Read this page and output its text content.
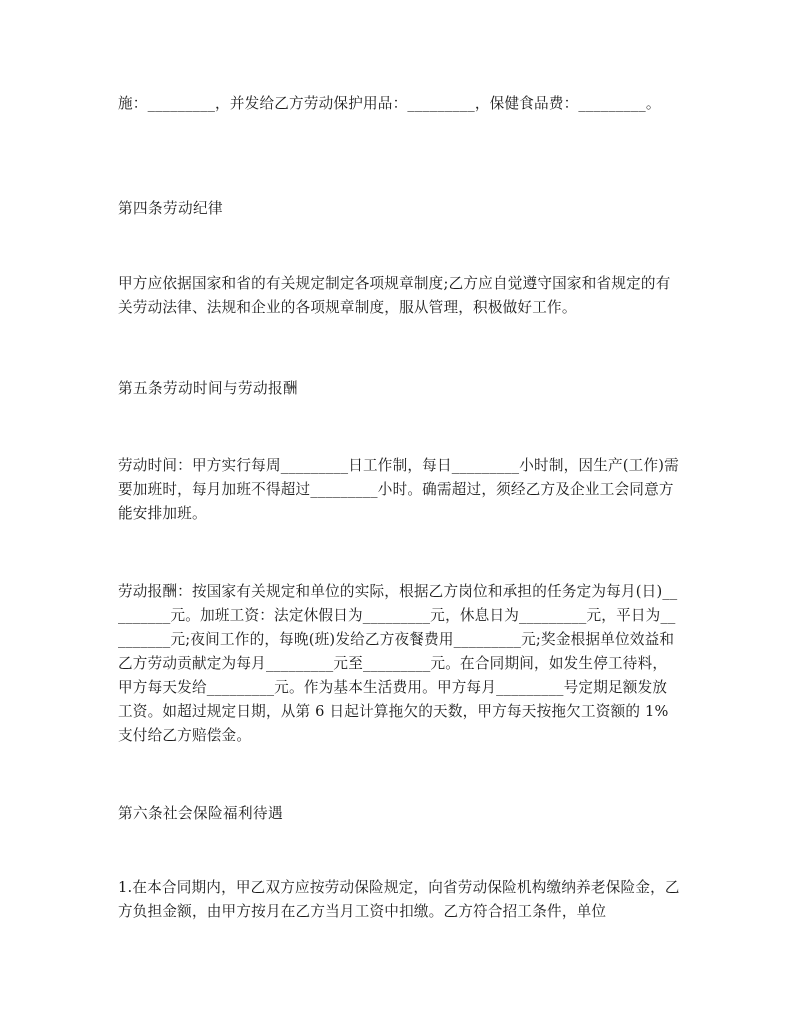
施：_________，并发给乙方劳动保护用品：_________，保健食品费：_________。

第四条劳动纪律

甲方应依据国家和省的有关规定制定各项规章制度;乙方应自觉遵守国家和省规定的有关劳动法律、法规和企业的各项规章制度，服从管理，积极做好工作。

第五条劳动时间与劳动报酬

劳动时间：甲方实行每周_________日工作制，每日_________小时制，因生产(工作)需要加班时，每月加班不得超过_________小时。确需超过，须经乙方及企业工会同意方能安排加班。

劳动报酬：按国家有关规定和单位的实际，根据乙方岗位和承担的任务定为每月(日)_________元。加班工资：法定休假日为_________元，休息日为_________元，平日为_________元;夜间工作的，每晚(班)发给乙方夜餐费用_________元;奖金根据单位效益和乙方劳动贡献定为每月_________元至_________元。在合同期间，如发生停工待料，甲方每天发给_________元。作为基本生活费用。甲方每月_________号定期足额发放工资。如超过规定日期，从第 6 日起计算拖欠的天数，甲方每天按拖欠工资额的 1%支付给乙方赔偿金。

第六条社会保险福利待遇

1.在本合同期内，甲乙双方应按劳动保险规定，向省劳动保险机构缴纳养老保险金，乙方负担金额，由甲方按月在乙方当月工资中扣缴。乙方符合招工条件，单位
